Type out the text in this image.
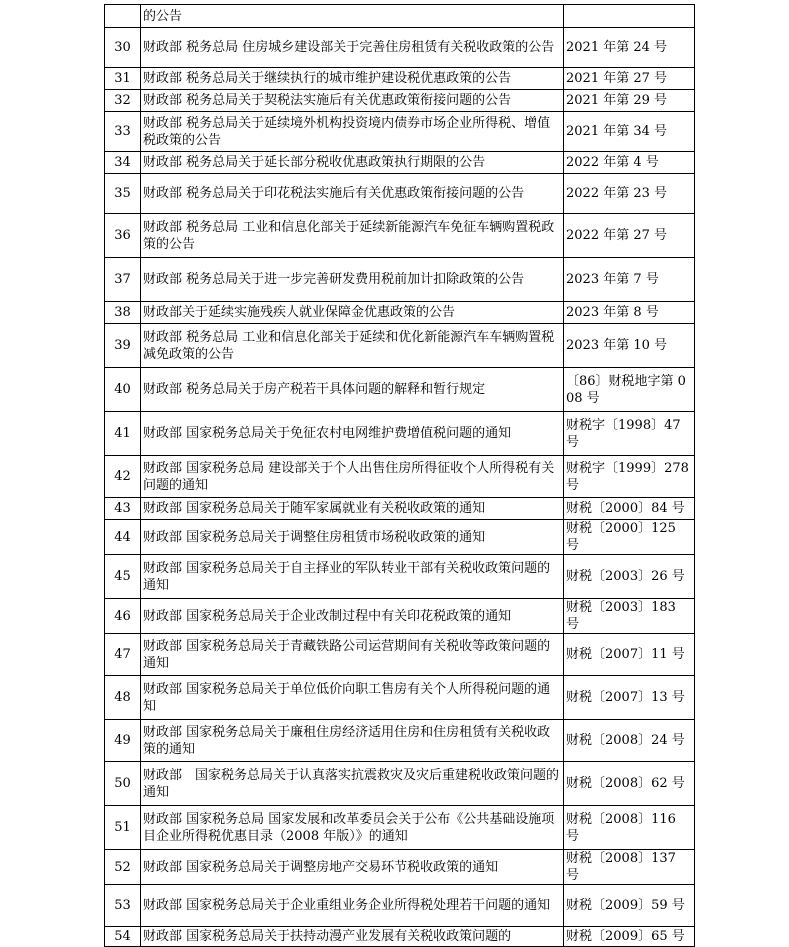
	的公告	
30	财政部 税务总局 住房城乡建设部关于完善住房租赁有关税收政策的公告	2021 年第 24 号
31	财政部 税务总局关于继续执行的城市维护建设税优惠政策的公告	2021 年第 27 号
32	财政部 税务总局关于契税法实施后有关优惠政策衔接问题的公告	2021 年第 29 号
33	财政部 税务总局关于延续境外机构投资境内债券市场企业所得税、增值税政策的公告	2021 年第 34 号
34	财政部 税务总局关于延长部分税收优惠政策执行期限的公告	2022 年第 4 号
35	财政部 税务总局关于印花税法实施后有关优惠政策衔接问题的公告	2022 年第 23 号
36	财政部 税务总局 工业和信息化部关于延续新能源汽车免征车辆购置税政策的公告	2022 年第 27 号
37	财政部 税务总局关于进一步完善研发费用税前加计扣除政策的公告	2023 年第 7 号
38	财政部关于延续实施残疾人就业保障金优惠政策的公告	2023 年第 8 号
39	财政部 税务总局 工业和信息化部关于延续和优化新能源汽车车辆购置税减免政策的公告	2023 年第 10 号
40	财政部 税务总局关于房产税若干具体问题的解释和暂行规定	〔86〕财税地字第 008 号
41	财政部 国家税务总局关于免征农村电网维护费增值税问题的通知	财税字〔1998〕47 号
42	财政部 国家税务总局 建设部关于个人出售住房所得征收个人所得税有关问题的通知	财税字〔1999〕278 号
43	财政部 国家税务总局关于随军家属就业有关税收政策的通知	财税〔2000〕84 号
44	财政部 国家税务总局关于调整住房租赁市场税收政策的通知	财税〔2000〕125 号
45	财政部 国家税务总局关于自主择业的军队转业干部有关税收政策问题的通知	财税〔2003〕26 号
46	财政部 国家税务总局关于企业改制过程中有关印花税政策的通知	财税〔2003〕183 号
47	财政部 国家税务总局关于青藏铁路公司运营期间有关税收等政策问题的通知	财税〔2007〕11 号
48	财政部 国家税务总局关于单位低价向职工售房有关个人所得税问题的通知	财税〔2007〕13 号
49	财政部 国家税务总局关于廉租住房经济适用住房和住房租赁有关税收政策的通知	财税〔2008〕24 号
50	财政部　国家税务总局关于认真落实抗震救灾及灾后重建税收政策问题的通知	财税〔2008〕62 号
51	财政部 国家税务总局 国家发展和改革委员会关于公布《公共基础设施项目企业所得税优惠目录（2008 年版）》的通知	财税〔2008〕116 号
52	财政部 国家税务总局关于调整房地产交易环节税收政策的通知	财税〔2008〕137 号
53	财政部 国家税务总局关于企业重组业务企业所得税处理若干问题的通知	财税〔2009〕59 号
54	财政部 国家税务总局关于扶持动漫产业发展有关税收政策问题的	财税〔2009〕65 号
